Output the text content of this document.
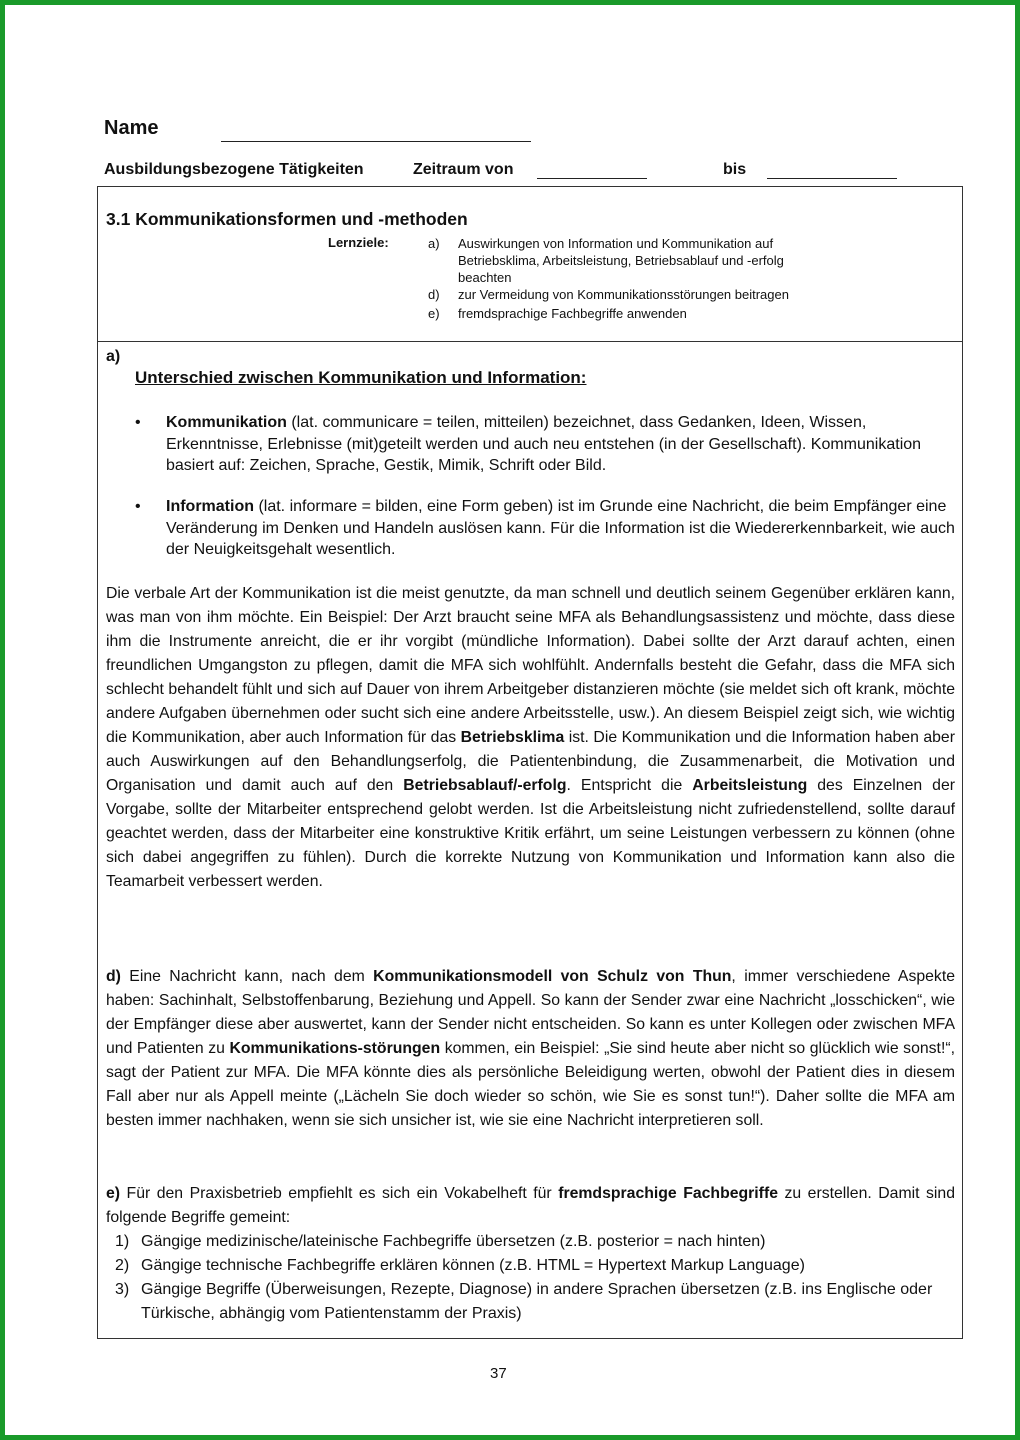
Name
Ausbildungsbezogene Tätigkeiten	Zeitraum von	bis
3.1 Kommunikationsformen und -methoden
Lernziele:	a)	Auswirkungen von Information und Kommunikation auf Betriebsklima, Arbeitsleistung, Betriebsablauf und -erfolg beachten
d)	zur Vermeidung von Kommunikationsstörungen beitragen
e)	fremdsprachige Fachbegriffe anwenden
a)
Unterschied zwischen Kommunikation und Information:
• Kommunikation (lat. communicare = teilen, mitteilen) bezeichnet, dass Gedanken, Ideen, Wissen, Erkenntnisse, Erlebnisse (mit)geteilt werden und auch neu entstehen (in der Gesellschaft). Kommunikation basiert auf: Zeichen, Sprache, Gestik, Mimik, Schrift oder Bild.
• Information (lat. informare = bilden, eine Form geben) ist im Grunde eine Nachricht, die beim Empfänger eine Veränderung im Denken und Handeln auslösen kann. Für die Information ist die Wiedererkennbarkeit, wie auch der Neuigkeitsgehalt wesentlich.

Die verbale Art der Kommunikation ist die meist genutzte, da man schnell und deutlich seinem Gegenüber erklären kann, was man von ihm möchte. Ein Beispiel: Der Arzt braucht seine MFA als Behandlungsassistenz und möchte, dass diese ihm die Instrumente anreicht, die er ihr vorgibt (mündliche Information). Dabei sollte der Arzt darauf achten, einen freundlichen Umgangston zu pflegen, damit die MFA sich wohlfühlt. Andernfalls besteht die Gefahr, dass die MFA sich schlecht behandelt fühlt und sich auf Dauer von ihrem Arbeitgeber distanzieren möchte (sie meldet sich oft krank, möchte andere Aufgaben übernehmen oder sucht sich eine andere Arbeitsstelle, usw.). An diesem Beispiel zeigt sich, wie wichtig die Kommunikation, aber auch Information für das Betriebsklima ist. Die Kommunikation und die Information haben aber auch Auswirkungen auf den Behandlungserfolg, die Patientenbindung, die Zusammenarbeit, die Motivation und Organisation und damit auch auf den Betriebsablauf/-erfolg. Entspricht die Arbeitsleistung des Einzelnen der Vorgabe, sollte der Mitarbeiter entsprechend gelobt werden. Ist die Arbeitsleistung nicht zufriedenstellend, sollte darauf geachtet werden, dass der Mitarbeiter eine konstruktive Kritik erfährt, um seine Leistungen verbessern zu können (ohne sich dabei angegriffen zu fühlen). Durch die korrekte Nutzung von Kommunikation und Information kann also die Teamarbeit verbessert werden.

d) Eine Nachricht kann, nach dem Kommunikationsmodell von Schulz von Thun, immer verschiedene Aspekte haben: Sachinhalt, Selbstoffenbarung, Beziehung und Appell. So kann der Sender zwar eine Nachricht „losschicken“, wie der Empfänger diese aber auswertet, kann der Sender nicht entscheiden. So kann es unter Kollegen oder zwischen MFA und Patienten zu Kommunikations-störungen kommen, ein Beispiel: „Sie sind heute aber nicht so glücklich wie sonst!“, sagt der Patient zur MFA. Die MFA könnte dies als persönliche Beleidigung werten, obwohl der Patient dies in diesem Fall aber nur als Appell meinte („Lächeln Sie doch wieder so schön, wie Sie es sonst tun!“). Daher sollte die MFA am besten immer nachhaken, wenn sie sich unsicher ist, wie sie eine Nachricht interpretieren soll.

e) Für den Praxisbetrieb empfiehlt es sich ein Vokabelheft für fremdsprachige Fachbegriffe zu erstellen. Damit sind folgende Begriffe gemeint:

1) Gängige medizinische/lateinische Fachbegriffe übersetzen (z.B. posterior = nach hinten)
2) Gängige technische Fachbegriffe erklären können (z.B. HTML = Hypertext Markup Language)
3) Gängige Begriffe (Überweisungen, Rezepte, Diagnose) in andere Sprachen übersetzen (z.B. ins Englische oder Türkische, abhängig vom Patientenstamm der Praxis)
37
